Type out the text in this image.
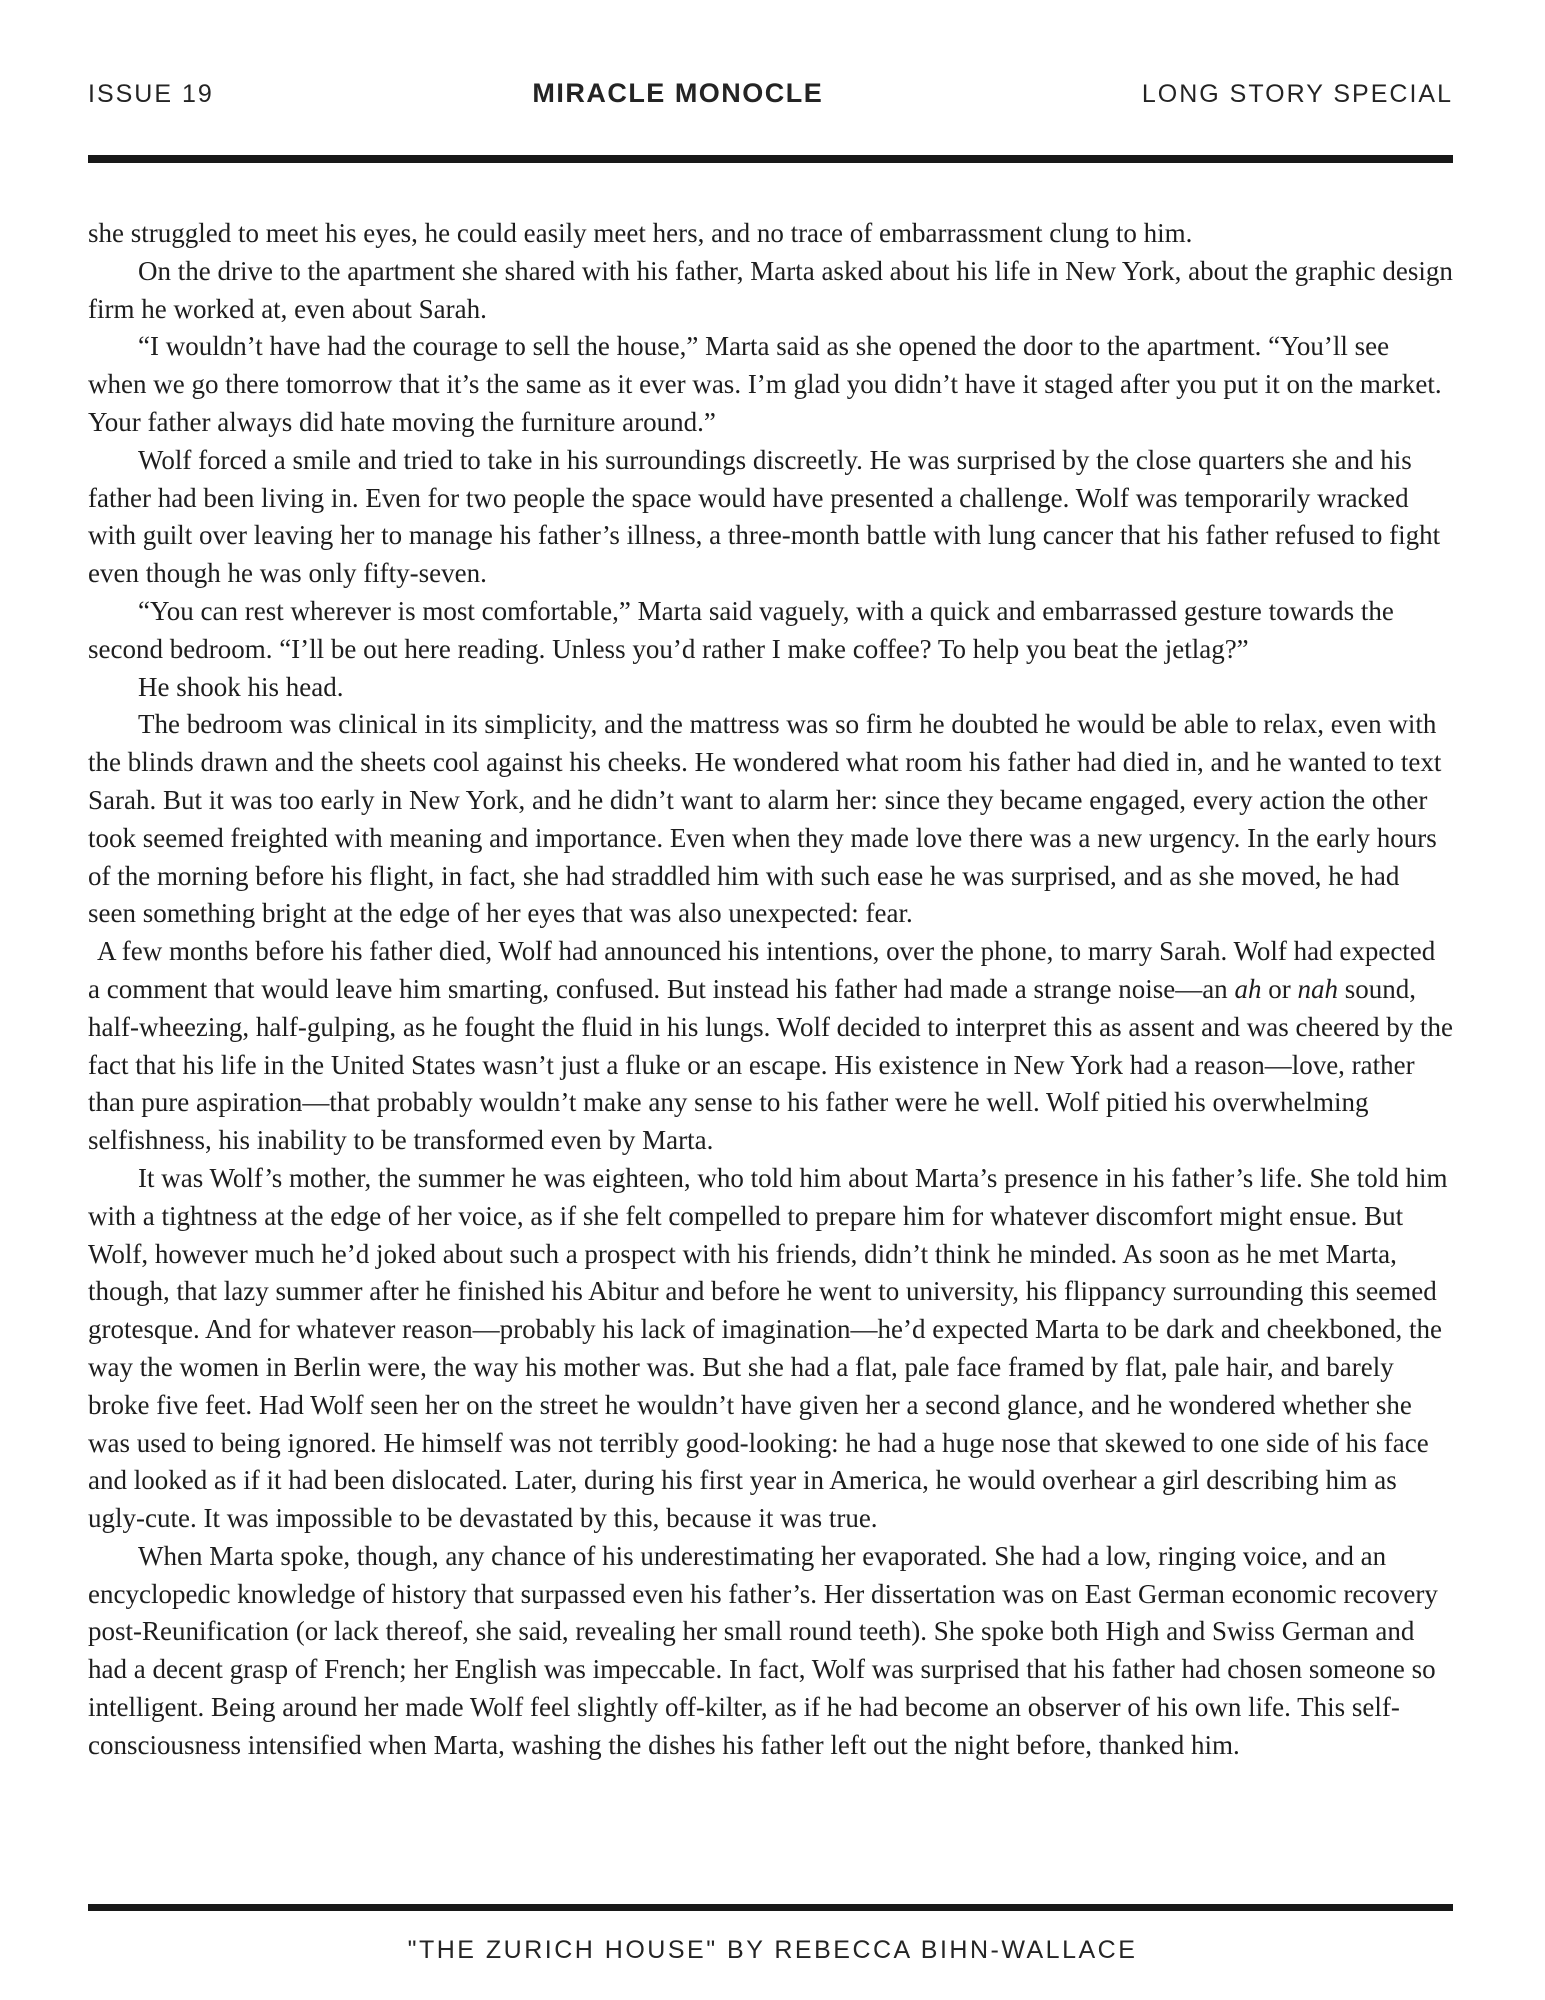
ISSUE 19	MIRACLE MONOCLE	LONG STORY SPECIAL

she struggled to meet his eyes, he could easily meet hers, and no trace of embarrassment clung to him.

On the drive to the apartment she shared with his father, Marta asked about his life in New York, about the graphic design firm he worked at, even about Sarah.

“I wouldn’t have had the courage to sell the house,” Marta said as she opened the door to the apartment. “You’ll see when we go there tomorrow that it’s the same as it ever was. I’m glad you didn’t have it staged after you put it on the market. Your father always did hate moving the furniture around.”

Wolf forced a smile and tried to take in his surroundings discreetly. He was surprised by the close quarters she and his father had been living in. Even for two people the space would have presented a challenge. Wolf was temporarily wracked with guilt over leaving her to manage his father’s illness, a three-month battle with lung cancer that his father refused to fight even though he was only fifty-seven.

“You can rest wherever is most comfortable,” Marta said vaguely, with a quick and embarrassed gesture towards the second bedroom. “I’ll be out here reading. Unless you’d rather I make coffee? To help you beat the jetlag?”

He shook his head.

The bedroom was clinical in its simplicity, and the mattress was so firm he doubted he would be able to relax, even with the blinds drawn and the sheets cool against his cheeks. He wondered what room his father had died in, and he wanted to text Sarah. But it was too early in New York, and he didn’t want to alarm her: since they became engaged, every action the other took seemed freighted with meaning and importance. Even when they made love there was a new urgency. In the early hours of the morning before his flight, in fact, she had straddled him with such ease he was surprised, and as she moved, he had seen something bright at the edge of her eyes that was also unexpected: fear.

A few months before his father died, Wolf had announced his intentions, over the phone, to marry Sarah. Wolf had expected a comment that would leave him smarting, confused. But instead his father had made a strange noise—an ah or nah sound, half-wheezing, half-gulping, as he fought the fluid in his lungs. Wolf decided to interpret this as assent and was cheered by the fact that his life in the United States wasn’t just a fluke or an escape. His existence in New York had a reason—love, rather than pure aspiration—that probably wouldn’t make any sense to his father were he well. Wolf pitied his overwhelming selfishness, his inability to be transformed even by Marta.

It was Wolf’s mother, the summer he was eighteen, who told him about Marta’s presence in his father’s life. She told him with a tightness at the edge of her voice, as if she felt compelled to prepare him for whatever discomfort might ensue. But Wolf, however much he’d joked about such a prospect with his friends, didn’t think he minded. As soon as he met Marta, though, that lazy summer after he finished his Abitur and before he went to university, his flippancy surrounding this seemed grotesque. And for whatever reason—probably his lack of imagination—he’d expected Marta to be dark and cheekboned, the way the women in Berlin were, the way his mother was. But she had a flat, pale face framed by flat, pale hair, and barely broke five feet. Had Wolf seen her on the street he wouldn’t have given her a second glance, and he wondered whether she was used to being ignored. He himself was not terribly good-looking: he had a huge nose that skewed to one side of his face and looked as if it had been dislocated. Later, during his first year in America, he would overhear a girl describing him as ugly-cute. It was impossible to be devastated by this, because it was true.

When Marta spoke, though, any chance of his underestimating her evaporated. She had a low, ringing voice, and an encyclopedic knowledge of history that surpassed even his father’s. Her dissertation was on East German economic recovery post-Reunification (or lack thereof, she said, revealing her small round teeth). She spoke both High and Swiss German and had a decent grasp of French; her English was impeccable. In fact, Wolf was surprised that his father had chosen someone so intelligent. Being around her made Wolf feel slightly off-kilter, as if he had become an observer of his own life. This self-consciousness intensified when Marta, washing the dishes his father left out the night before, thanked him.

"THE ZURICH HOUSE" BY REBECCA BIHN-WALLACE
